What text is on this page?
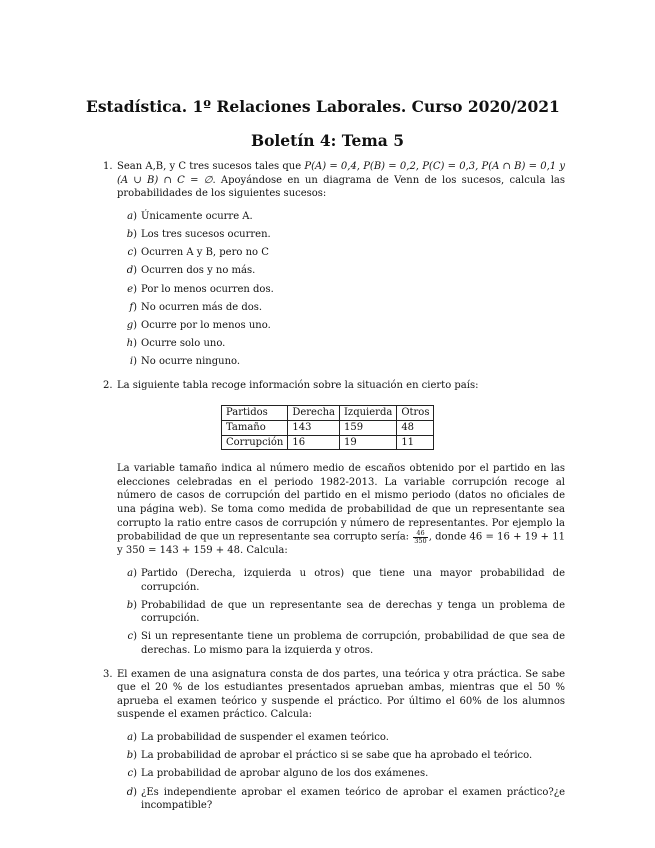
Estadística. 1º Relaciones Laborales. Curso 2020/2021
Boletín 4: Tema 5
1. Sean A,B, y C tres sucesos tales que P(A) = 0,4, P(B) = 0,2, P(C) = 0,3, P(A ∩ B) = 0,1 y (A ∪ B) ∩ C = ∅. Apoyándose en un diagrama de Venn de los sucesos, calcula las probabilidades de los siguientes sucesos:
a) Únicamente ocurre A.
b) Los tres sucesos ocurren.
c) Ocurren A y B, pero no C
d) Ocurren dos y no más.
e) Por lo menos ocurren dos.
f) No ocurren más de dos.
g) Ocurre por lo menos uno.
h) Ocurre solo uno.
i) No ocurre ninguno.
2. La siguiente tabla recoge información sobre la situación en cierto país:
Partidos	Derecha	Izquierda	Otros
Tamaño	143	159	48
Corrupción	16	19	11
La variable tamaño indica al número medio de escaños obtenido por el partido en las elecciones celebradas en el periodo 1982-2013. La variable corrupción recoge al número de casos de corrupción del partido en el mismo periodo (datos no oficiales de una página web). Se toma como medida de probabilidad de que un representante sea corrupto la ratio entre casos de corrupción y número de representantes. Por ejemplo la probabilidad de que un representante sea corrupto sería: $\frac{46}{350}$ , donde 46 = 16 + 19 + 11 y 350 = 143 + 159 + 48. Calcula:
a) Partido (Derecha, izquierda u otros) que tiene una mayor probabilidad de corrupción.
b) Probabilidad de que un representante sea de derechas y tenga un problema de corrupción.
c) Si un representante tiene un problema de corrupción, probabilidad de que sea de derechas. Lo mismo para la izquierda y otros.
3. El examen de una asignatura consta de dos partes, una teórica y otra práctica. Se sabe que el 20 % de los estudiantes presentados aprueban ambas, mientras que el 50 % aprueba el examen teórico y suspende el práctico. Por último el 60% de los alumnos suspende el examen práctico. Calcula:
a) La probabilidad de suspender el examen teórico.
b) La probabilidad de aprobar el práctico si se sabe que ha aprobado el teórico.
c) La probabilidad de aprobar alguno de los dos exámenes.
d) ¿Es independiente aprobar el examen teórico de aprobar el examen práctico?¿e incompatible?
